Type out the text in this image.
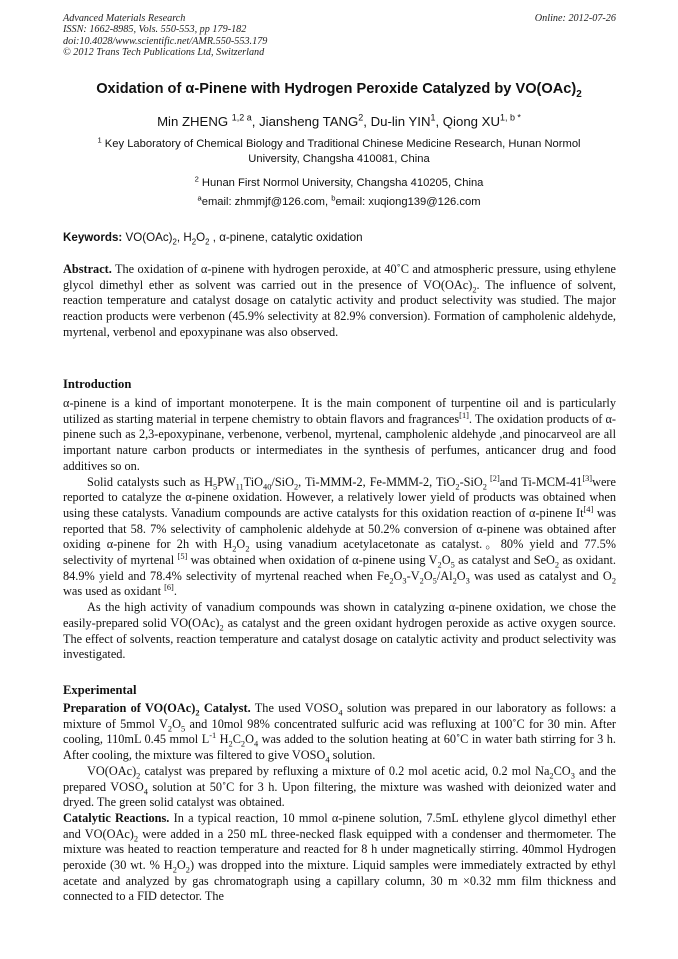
Advanced Materials Research
ISSN: 1662-8985, Vols. 550-553, pp 179-182
doi:10.4028/www.scientific.net/AMR.550-553.179
© 2012 Trans Tech Publications Ltd, Switzerland
Online: 2012-07-26
Oxidation of α-Pinene with Hydrogen Peroxide Catalyzed by $VO(OAc)_2$
Min ZHENG $^{1,2 a}$, Jiansheng TANG$^2$, Du-lin YIN$^1$, Qiong $XU^{1, b *}$
$^1$ Key Laboratory of Chemical Biology and Traditional Chinese Medicine Research, Hunan Normol
University, Changsha 410081, China
$^2$ Hunan First Normol University, Changsha 410205, China
$^a$email: zhmmjf@126.com, $^b$email: xuqiong139@126.com
Keywords: $VO(OAc)_2$, $H_2O_2$ , α-pinene, catalytic oxidation

Abstract. The oxidation of α-pinene with hydrogen peroxide, at 40˚C and atmospheric pressure, using ethylene glycol dimethyl ether as solvent was carried out in the presence of $VO(OAc)_2$. The influence of solvent, reaction temperature and catalyst dosage on catalytic activity and product selectivity was studied. The major reaction products were verbenon (45.9% selectivity at 82.9% conversion). Formation of campholenic aldehyde, myrtenal, verbenol and epoxypinane was also observed.

Introduction

α-pinene is a kind of important monoterpene. It is the main component of turpentine oil and is particularly utilized as starting material in terpene chemistry to obtain flavors and fragrances[1]. The oxidation products of α-pinene such as 2,3-epoxypinane, verbenone, verbenol, myrtenal, campholenic aldehyde ,and pinocarveol are all important nature carbon products or intermediates in the synthesis of perfumes, anticancer drug and food additives so on.

Solid catalysts such as $H_5PW_{11}TiO_{40}/SiO_2$, Ti-MMM-2, Fe-MMM-2, TiO$_2$-SiO$_2$ [2]and Ti-MCM-41[3]were reported to catalyze the α-pinene oxidation. However, a relatively lower yield of products was obtained when using these catalysts. Vanadium compounds are active catalysts for this oxidation reaction of α-pinene It[4] was reported that 58. 7% selectivity of campholenic aldehyde at 50.2% conversion of α-pinene was obtained after oxiding α-pinene for 2h with $H_2O_2$ using vanadium acetylacetonate as catalyst.。80% yield and 77.5% selectivity of myrtenal [5] was obtained when oxidation of α-pinene using $V_2O_5$ as catalyst and SeO$_2$ as oxidant. 84.9% yield and 78.4% selectivity of myrtenal reached when $Fe_2O_3-V_2O_5/Al_2O_3$ was used as catalyst and $O_2$ was used as oxidant [6].

As the high activity of vanadium compounds was shown in catalyzing α-pinene oxidation, we chose the easily-prepared solid $VO(OAc)_2$ as catalyst and the green oxidant hydrogen peroxide as active oxygen source. The effect of solvents, reaction temperature and catalyst dosage on catalytic activity and product selectivity was investigated.

Experimental

Preparation of $VO(OAc)_2$ Catalyst. The used $VOSO_4$ solution was prepared in our laboratory as follows: a mixture of 5mmol $V_2O_5$ and 10mol 98% concentrated sulfuric acid was refluxing at 100˚C for 30 min. After cooling, 110mL 0.45 mmol $L^{-1}$ $H_2C_2O_4$ was added to the solution heating at 60˚C in water bath stirring for 3 h. After cooling, the mixture was filtered to give $VOSO_4$ solution.

$VO(OAc)_2$ catalyst was prepared by refluxing a mixture of 0.2 mol acetic acid, 0.2 mol $Na_2CO_3$ and the prepared $VOSO_4$ solution at 50˚C for 3 h. Upon filtering, the mixture was washed with deionized water and dryed. The green solid catalyst was obtained.

Catalytic Reactions. In a typical reaction, 10 mmol α-pinene solution, 7.5mL ethylene glycol dimethyl ether and $VO(OAc)_2$ were added in a 250 mL three-necked flask equipped with a condenser and thermometer. The mixture was heated to reaction temperature and reacted for 8 h under magnetically stirring. 40mmol Hydrogen peroxide (30 wt. % $H_2O_2$) was dropped into the mixture. Liquid samples were immediately extracted by ethyl acetate and analyzed by gas chromatograph using a capillary column, 30 m ×0.32 mm film thickness and connected to a FID detector. The
